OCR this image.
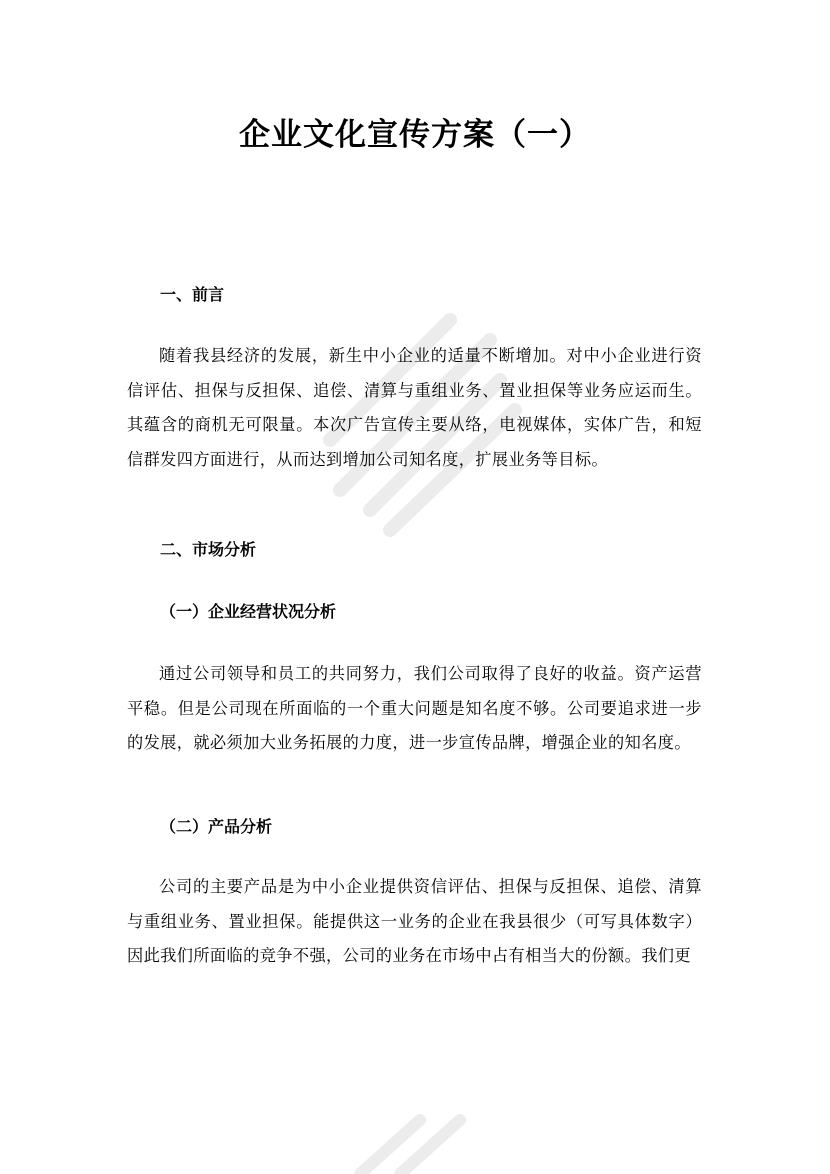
企业文化宣传方案（一）
一、前言
随着我县经济的发展，新生中小企业的适量不断增加。对中小企业进行资信评估、担保与反担保、追偿、清算与重组业务、置业担保等业务应运而生。其蕴含的商机无可限量。本次广告宣传主要从络，电视媒体，实体广告，和短信群发四方面进行，从而达到增加公司知名度，扩展业务等目标。
二、市场分析
（一）企业经营状况分析
通过公司领导和员工的共同努力，我们公司取得了良好的收益。资产运营平稳。但是公司现在所面临的一个重大问题是知名度不够。公司要追求进一步的发展，就必须加大业务拓展的力度，进一步宣传品牌，增强企业的知名度。
（二）产品分析
公司的主要产品是为中小企业提供资信评估、担保与反担保、追偿、清算与重组业务、置业担保。能提供这一业务的企业在我县很少（可写具体数字）因此我们所面临的竞争不强，公司的业务在市场中占有相当大的份额。我们更
